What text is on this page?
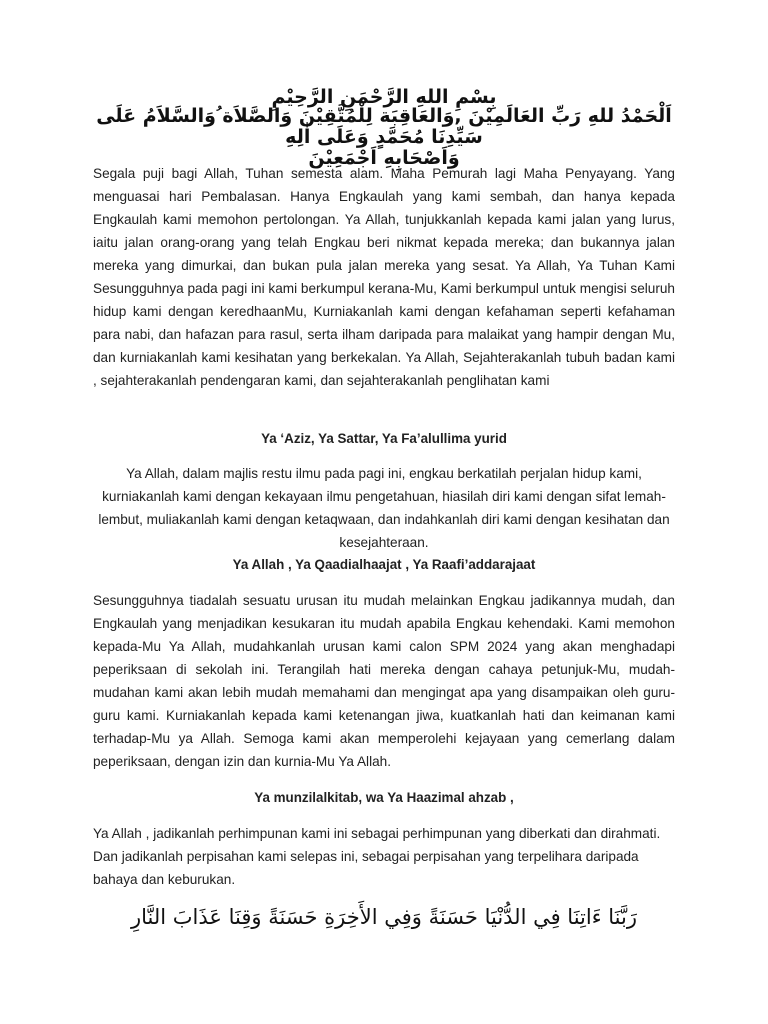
بِسْمِ اللهِ الرَّحْمَنِ الرَّحِيْمِ
اَلْحَمْدُ للهِ رَبِّ العَالَمِيْنَ ,وَالعَاقِبَة لِلْمُتَّقِيْنَ وَالصَّلاَة ُوَالسَّلاَمُ عَلَى
سَيِّدِنَا مُحَمَّدٍ وَعَلَى اٰلِهِ
وَاَصْحَابِهِ اَجْمَعِيْنَ

Segala puji bagi Allah, Tuhan semesta alam. Maha Pemurah lagi Maha Penyayang. Yang menguasai hari Pembalasan. Hanya Engkaulah yang kami sembah, dan hanya kepada Engkaulah kami memohon pertolongan. Ya Allah, tunjukkanlah kepada kami jalan yang lurus, iaitu jalan orang-orang yang telah Engkau beri nikmat kepada mereka; dan bukannya jalan mereka yang dimurkai, dan bukan pula jalan mereka yang sesat. Ya Allah, Ya Tuhan Kami Sesungguhnya pada pagi ini kami berkumpul kerana-Mu, Kami berkumpul untuk mengisi seluruh hidup kami dengan keredhaanMu, Kurniakanlah kami dengan kefahaman seperti kefahaman para nabi, dan hafazan para rasul, serta ilham daripada para malaikat yang hampir dengan Mu, dan kurniakanlah kami kesihatan yang berkekalan. Ya Allah, Sejahterakanlah tubuh badan kami , sejahterakanlah pendengaran kami, dan sejahterakanlah penglihatan kami

Ya ‘Aziz, Ya Sattar, Ya Fa’alullima yurid

Ya Allah, dalam majlis restu ilmu pada pagi ini, engkau berkatilah perjalan hidup kami, kurniakanlah kami dengan kekayaan ilmu pengetahuan, hiasilah diri kami dengan sifat lemah-lembut, muliakanlah kami dengan ketaqwaan, dan indahkanlah diri kami dengan kesihatan dan kesejahteraan.

Ya Allah , Ya Qaadialhaajat , Ya Raafi’addarajaat

Sesungguhnya tiadalah sesuatu urusan itu mudah melainkan Engkau jadikannya mudah, dan Engkaulah yang menjadikan kesukaran itu mudah apabila Engkau kehendaki. Kami memohon kepada-Mu Ya Allah, mudahkanlah urusan kami calon SPM 2024 yang akan menghadapi peperiksaan di sekolah ini. Terangilah hati mereka dengan cahaya petunjuk-Mu, mudah-mudahan kami akan lebih mudah memahami dan mengingat apa yang disampaikan oleh guru-guru kami. Kurniakanlah kepada kami ketenangan jiwa, kuatkanlah hati dan keimanan kami terhadap-Mu ya Allah. Semoga kami akan memperolehi kejayaan yang cemerlang dalam peperiksaan, dengan izin dan kurnia-Mu Ya Allah.

Ya munzilalkitab, wa Ya Haazimal ahzab ,

Ya Allah , jadikanlah perhimpunan kami ini sebagai perhimpunan yang diberkati dan dirahmati. Dan jadikanlah perpisahan kami selepas ini, sebagai perpisahan yang terpelihara daripada bahaya dan keburukan.

رَبَّنَا ءَاتِنَا فِي الدُّنْيَا حَسَنَةً وَفِي الأَخِرَةِ حَسَنَةً وَقِنَا عَذَابَ النَّارِ
